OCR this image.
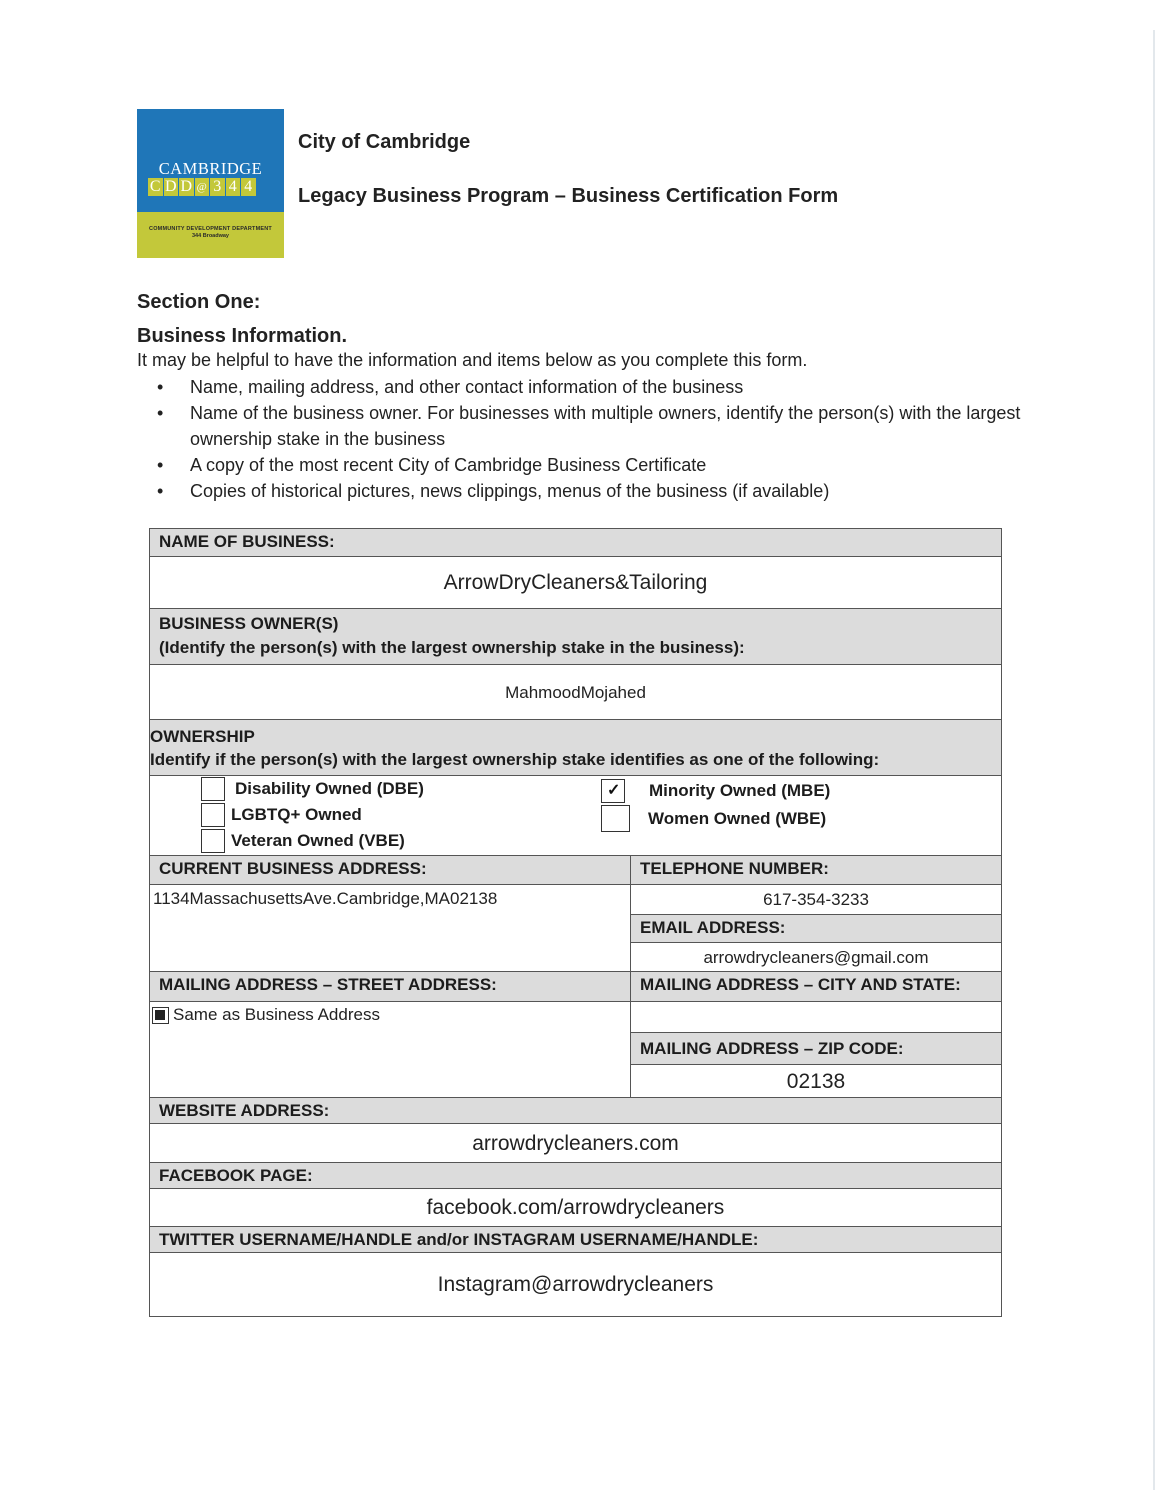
CAMBRIDGE
C D D @ 3 4 4
COMMUNITY DEVELOPMENT DEPARTMENT
344 Broadway
City of Cambridge
Legacy Business Program – Business Certification Form
Section One:
Business Information.
It may be helpful to have the information and items below as you complete this form.
• Name, mailing address, and other contact information of the business
• Name of the business owner. For businesses with multiple owners, identify the person(s) with the largest ownership stake in the business
• A copy of the most recent City of Cambridge Business Certificate
• Copies of historical pictures, news clippings, menus of the business (if available)
NAME OF BUSINESS:
ArrowDryCleaners&Tailoring
BUSINESS OWNER(S)
(Identify the person(s) with the largest ownership stake in the business):
MahmoodMojahed
OWNERSHIP
Identify if the person(s) with the largest ownership stake identifies as one of the following:
Disability Owned (DBE)
LGBTQ+ Owned
Veteran Owned (VBE)
✓ Minority Owned (MBE)
Women Owned (WBE)
CURRENT BUSINESS ADDRESS:
1134MassachusettsAve.Cambridge,MA02138
TELEPHONE NUMBER:
617-354-3233
EMAIL ADDRESS:
arrowdrycleaners@gmail.com
MAILING ADDRESS – STREET ADDRESS:
Same as Business Address
MAILING ADDRESS – CITY AND STATE:
MAILING ADDRESS – ZIP CODE:
02138
WEBSITE ADDRESS:
arrowdrycleaners.com
FACEBOOK PAGE:
facebook.com/arrowdrycleaners
TWITTER USERNAME/HANDLE and/or INSTAGRAM USERNAME/HANDLE:
Instagram@arrowdrycleaners
